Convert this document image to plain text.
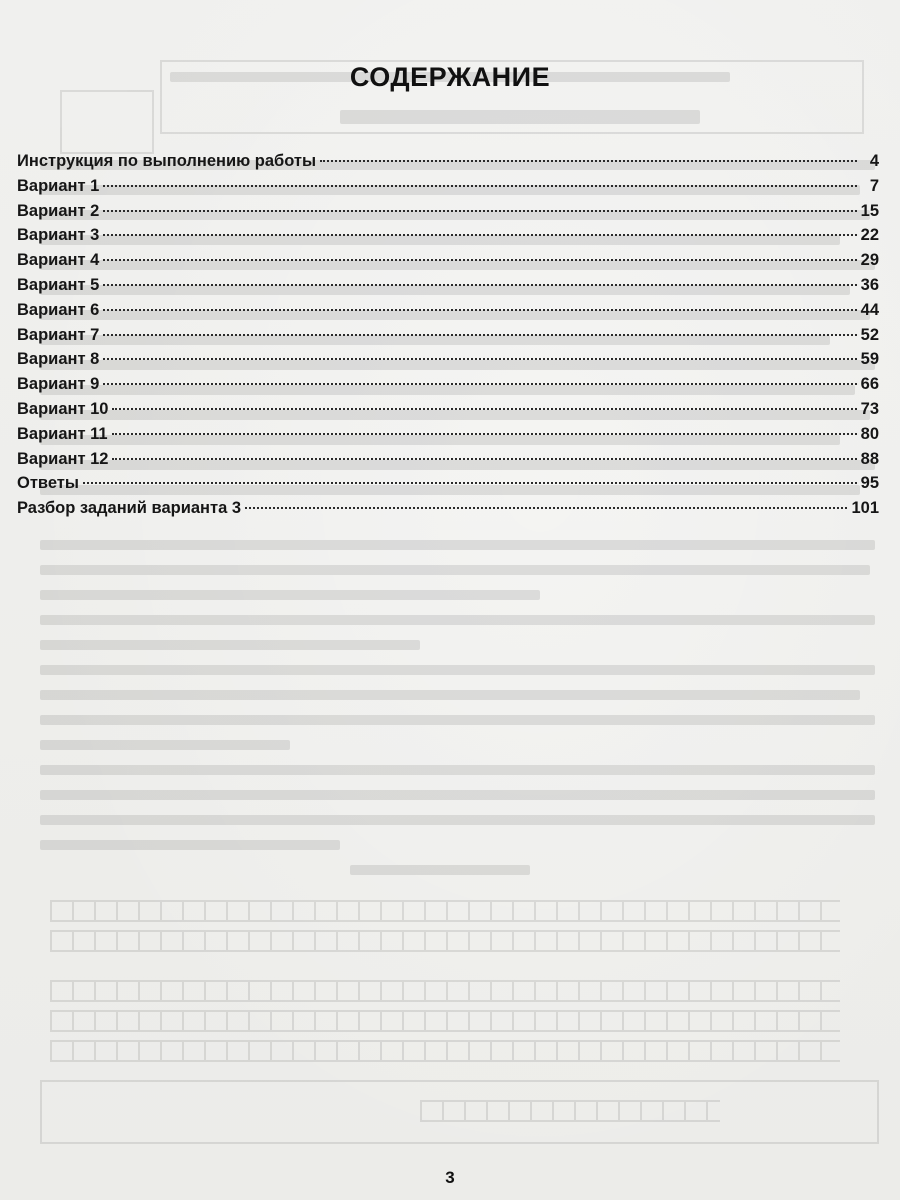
СОДЕРЖАНИЕ
Инструкция по выполнению работы	4
Вариант 1	7
Вариант 2	15
Вариант 3	22
Вариант 4	29
Вариант 5	36
Вариант 6	44
Вариант 7	52
Вариант 8	59
Вариант 9	66
Вариант 10	73
Вариант 11	80
Вариант 12	88
Ответы	95
Разбор заданий варианта 3	101
3
